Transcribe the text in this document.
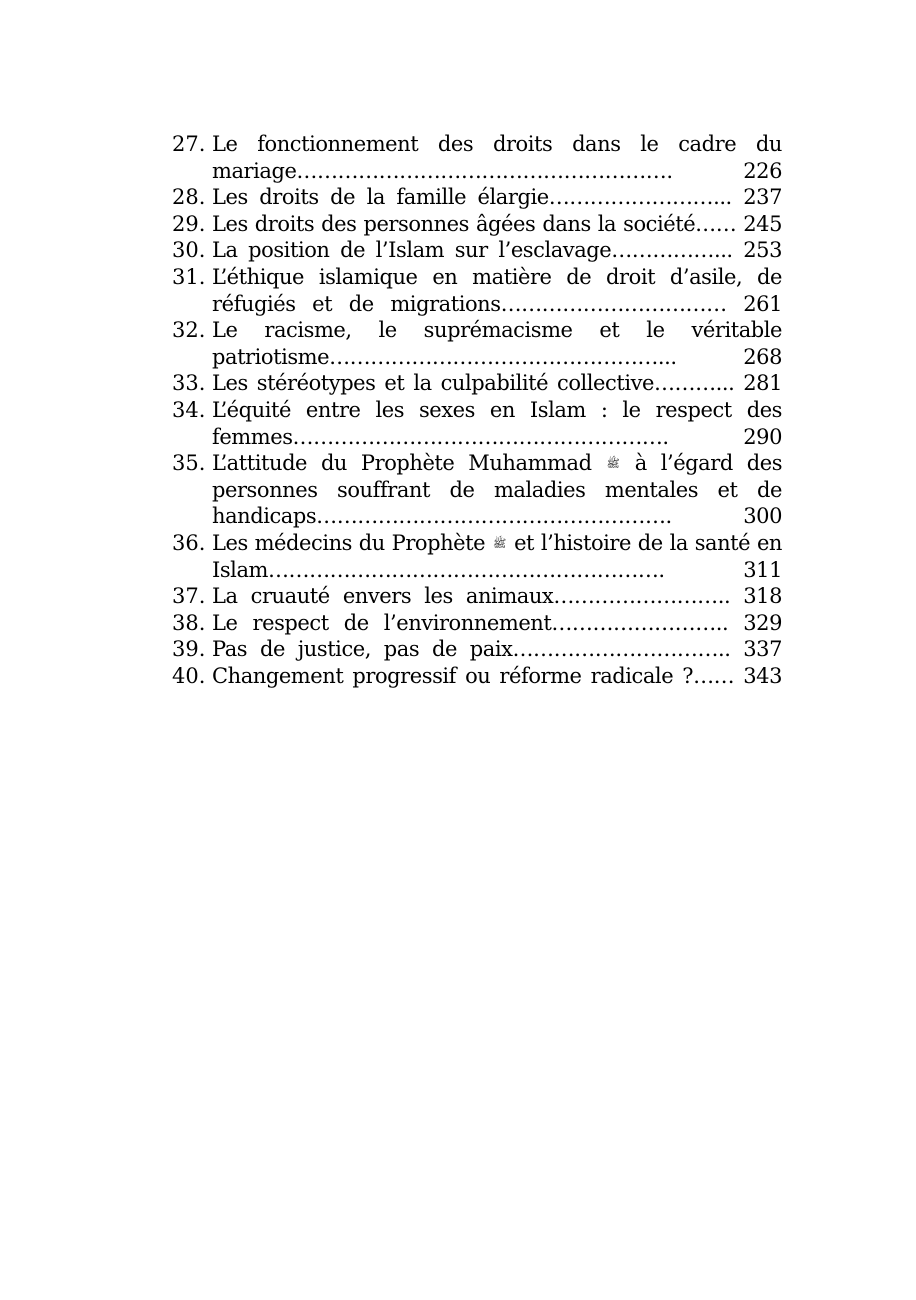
27. Le fonctionnement des droits dans le cadre du mariage………………………………………………. 226
28. Les droits de la famille élargie……………………... 237
29. Les droits des personnes âgées dans la société…… 245
30. La position de l’Islam sur l’esclavage……………... 253
31. L’éthique islamique en matière de droit d’asile, de réfugiés et de migrations…………………………… 261
32. Le racisme, le suprémacisme et le véritable patriotisme…………………………………………... 268
33. Les stéréotypes et la culpabilité collective………... 281
34. L’équité entre les sexes en Islam : le respect des femmes………………………………………………. 290
35. L’attitude du Prophète Muhammad ﷺ à l’égard des personnes souffrant de maladies mentales et de handicaps……………………………………………. 300
36. Les médecins du Prophète ﷺ et l’histoire de la santé en Islam…………………………………………………. 311
37. La cruauté envers les animaux…………………….. 318
38. Le respect de l’environnement…………………….. 329
39. Pas de justice, pas de paix………………………….. 337
40. Changement progressif ou réforme radicale ?…… 343
